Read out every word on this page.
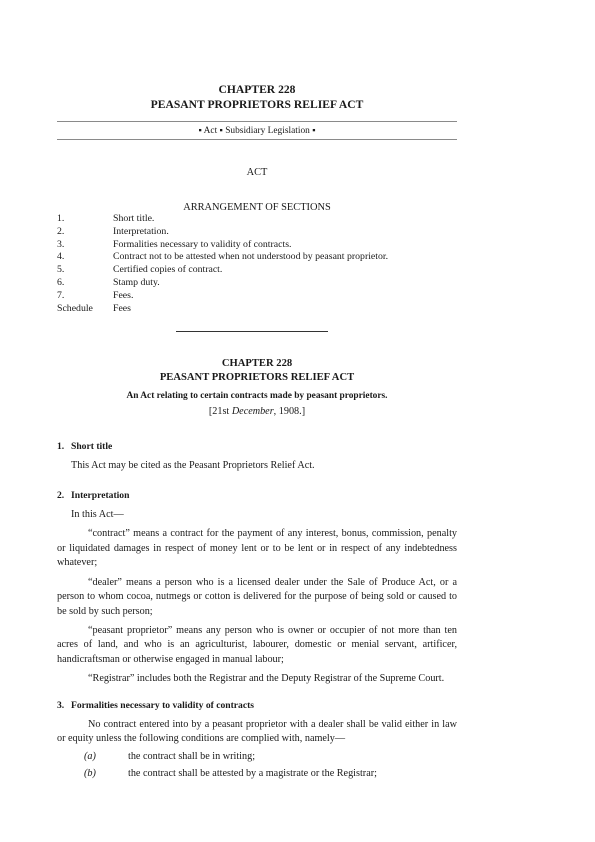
CHAPTER 228
PEASANT PROPRIETORS RELIEF ACT
▪ Act ▪ Subsidiary Legislation ▪
ACT
ARRANGEMENT OF SECTIONS
1.	Short title.
2.	Interpretation.
3.	Formalities necessary to validity of contracts.
4.	Contract not to be attested when not understood by peasant proprietor.
5.	Certified copies of contract.
6.	Stamp duty.
7.	Fees.
Schedule	Fees
CHAPTER 228
PEASANT PROPRIETORS RELIEF ACT
An Act relating to certain contracts made by peasant proprietors.
[21st December, 1908.]
1. Short title
This Act may be cited as the Peasant Proprietors Relief Act.
2. Interpretation
In this Act—

“contract” means a contract for the payment of any interest, bonus, commission, penalty or liquidated damages in respect of money lent or to be lent or in respect of any indebtedness whatever;

“dealer” means a person who is a licensed dealer under the Sale of Produce Act, or a person to whom cocoa, nutmegs or cotton is delivered for the purpose of being sold or caused to be sold by such person;

“peasant proprietor” means any person who is owner or occupier of not more than ten acres of land, and who is an agriculturist, labourer, domestic or menial servant, artificer, handicraftsman or otherwise engaged in manual labour;

“Registrar” includes both the Registrar and the Deputy Registrar of the Supreme Court.

3. Formalities necessary to validity of contracts

No contract entered into by a peasant proprietor with a dealer shall be valid either in law or equity unless the following conditions are complied with, namely—

(a)	the contract shall be in writing;
(b)	the contract shall be attested by a magistrate or the Registrar;
